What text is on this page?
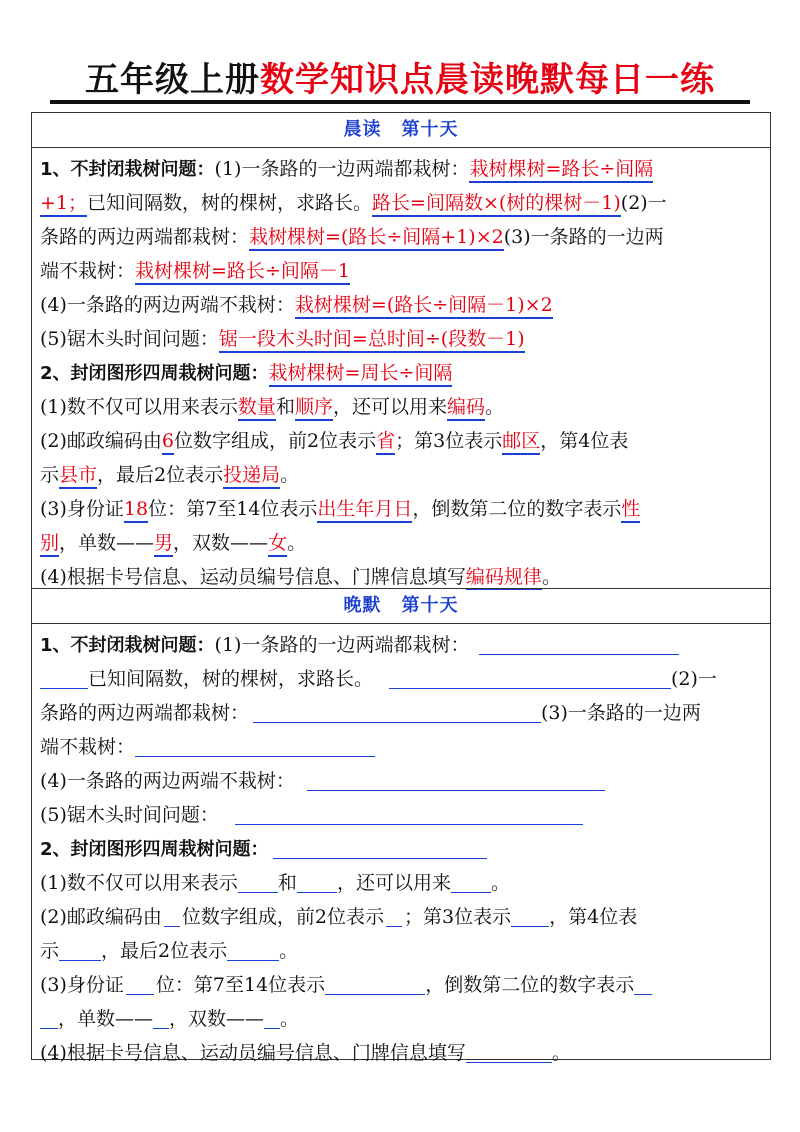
五年级上册数学知识点晨读晚默每日一练
晨读 第十天
1、不封闭栽树问题：(1)一条路的一边两端都栽树：栽树棵树=路长÷间隔
+1；已知间隔数，树的棵树，求路长。路长=间隔数×(树的棵树－1)(2)一
条路的两边两端都栽树：栽树棵树=(路长÷间隔+1)×2(3)一条路的一边两
端不栽树：栽树棵树=路长÷间隔－1
(4)一条路的两边两端不栽树：栽树棵树=(路长÷间隔－1)×2
(5)锯木头时间问题：锯一段木头时间=总时间÷(段数－1)
2、封闭图形四周栽树问题：栽树棵树=周长÷间隔
(1)数不仅可以用来表示数量和顺序，还可以用来编码。
(2)邮政编码由6位数字组成，前2位表示省；第3位表示邮区，第4位表
示县市，最后2位表示投递局。
(3)身份证18位：第7至14位表示出生年月日，倒数第二位的数字表示性
别，单数——男，双数——女。
(4)根据卡号信息、运动员编号信息、门牌信息填写编码规律。
晚默 第十天
1、不封闭栽树问题：(1)一条路的一边两端都栽树：
已知间隔数，树的棵树，求路长。	(2)一
条路的两边两端都栽树：	(3)一条路的一边两
端不栽树：
(4)一条路的两边两端不栽树：
(5)锯木头时间问题：
2、封闭图形四周栽树问题：
(1)数不仅可以用来表示 和 ，还可以用来 。
(2)邮政编码由 位数字组成，前2位表示 ；第3位表示 ，第4位表
示 ，最后2位表示	。
(3)身份证 位：第7至14位表示	，倒数第二位的数字表示
，单数—— ，双数—— 。
(4)根据卡号信息、运动员编号信息、门牌信息填写	。
